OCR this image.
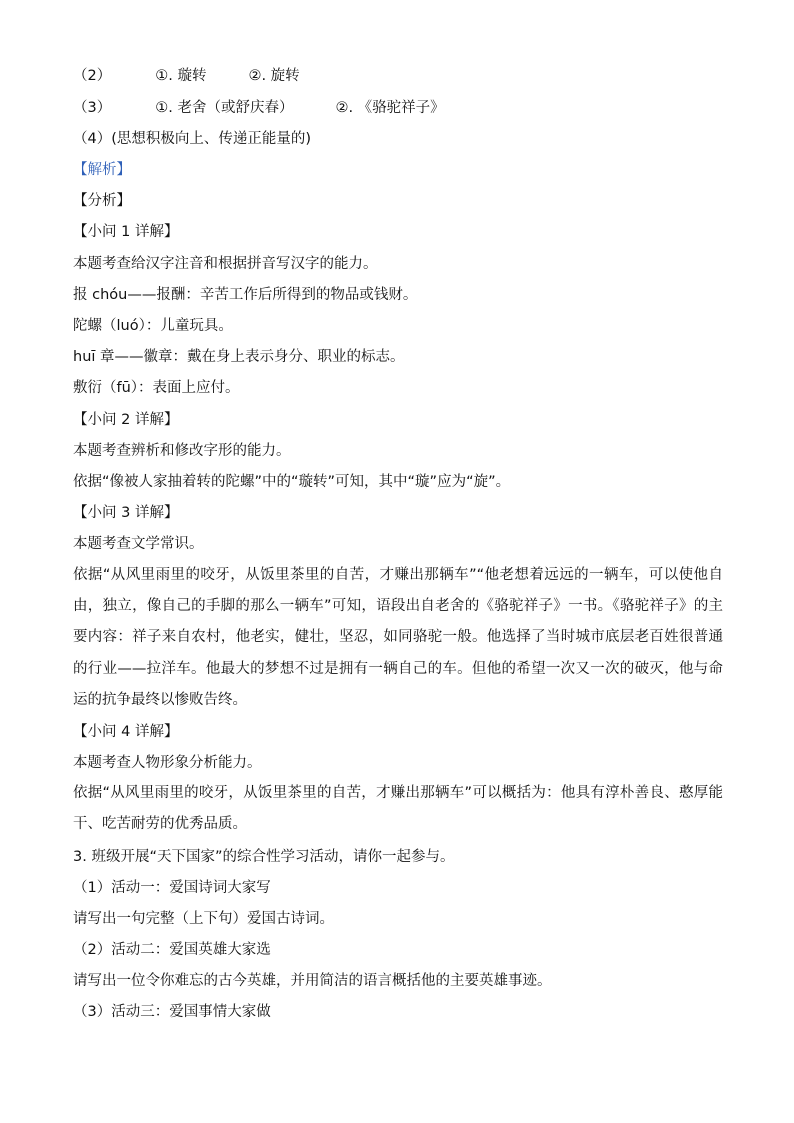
（2）	①. 璇转	②. 旋转
（3）	①. 老舍（或舒庆春）	②. 《骆驼祥子》
（4）(思想积极向上、传递正能量的)
【解析】
【分析】
【小问 1 详解】
本题考查给汉字注音和根据拼音写汉字的能力。
报 chóu——报酬：辛苦工作后所得到的物品或钱财。
陀螺（luó）：儿童玩具。
huī 章——徽章：戴在身上表示身分、职业的标志。
敷衍（fū）：表面上应付。
【小问 2 详解】
本题考查辨析和修改字形的能力。
依据“像被人家抽着转的陀螺”中的“璇转”可知，其中“璇”应为“旋”。
【小问 3 详解】
本题考查文学常识。
依据“从风里雨里的咬牙，从饭里茶里的自苦，才赚出那辆车”“他老想着远远的一辆车，可以使他自由，独立，像自己的手脚的那么一辆车”可知，语段出自老舍的《骆驼祥子》一书。《骆驼祥子》的主要内容：祥子来自农村，他老实，健壮，坚忍，如同骆驼一般。他选择了当时城市底层老百姓很普通的行业——拉洋车。他最大的梦想不过是拥有一辆自己的车。但他的希望一次又一次的破灭，他与命运的抗争最终以惨败告终。
【小问 4 详解】
本题考查人物形象分析能力。
依据“从风里雨里的咬牙，从饭里茶里的自苦，才赚出那辆车”可以概括为：他具有淳朴善良、憨厚能干、吃苦耐劳的优秀品质。
3. 班级开展“天下国家”的综合性学习活动，请你一起参与。
（1）活动一：爱国诗词大家写
请写出一句完整（上下句）爱国古诗词。
（2）活动二：爱国英雄大家选
请写出一位令你难忘的古今英雄，并用简洁的语言概括他的主要英雄事迹。
（3）活动三：爱国事情大家做
